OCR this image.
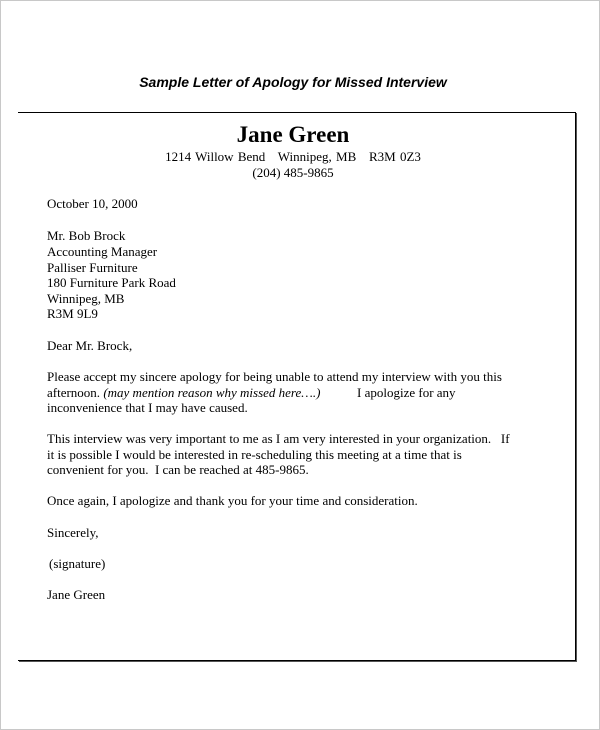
Sample Letter of Apology for Missed Interview
Jane Green
1214 Willow Bend   Winnipeg, MB   R3M 0Z3
(204) 485-9865
October 10, 2000
Mr. Bob Brock
Accounting Manager
Palliser Furniture
180 Furniture Park Road
Winnipeg, MB
R3M 9L9
Dear Mr. Brock,
Please accept my sincere apology for being unable to attend my interview with you this
afternoon. (may mention reason why missed here….)	I apologize for any
inconvenience that I may have caused.
This interview was very important to me as I am very interested in your organization.   If
it is possible I would be interested in re-scheduling this meeting at a time that is
convenient for you.  I can be reached at 485-9865.
Once again, I apologize and thank you for your time and consideration.
Sincerely,
(signature)
Jane Green
